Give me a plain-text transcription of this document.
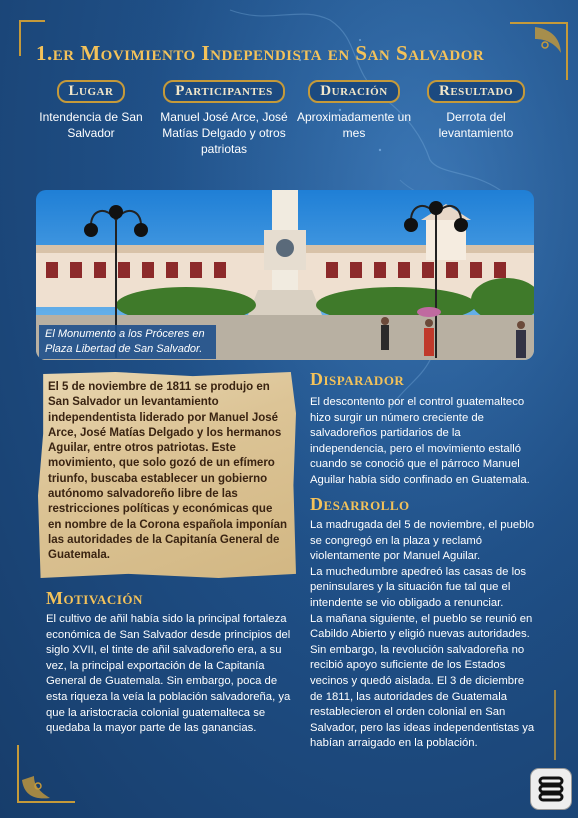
1.er Movimiento Independista en San Salvador
Lugar
Intendencia de San Salvador
Participantes
Manuel José Arce, José Matías Delgado y otros patriotas
Duración
Aproximadamente un mes
Resultado
Derrota del levantamiento
El Monumento a los Próceres en Plaza Libertad de San Salvador.
El 5 de noviembre de 1811 se produjo en San Salvador un levantamiento independentista liderado por Manuel José Arce, José Matías Delgado y los hermanos Aguilar, entre otros patriotas. Este movimiento, que solo gozó de un efímero triunfo, buscaba establecer un gobierno autónomo salvadoreño libre de las restricciones políticas y económicas que en nombre de la Corona española imponían las autoridades de la Capitanía General de Guatemala.
Motivación
El cultivo de añil había sido la principal fortaleza económica de San Salvador desde principios del siglo XVII, el tinte de añil salvadoreño era, a su vez, la principal exportación de la Capitanía General de Guatemala. Sin embargo, poca de esta riqueza la veía la población salvadoreña, ya que la aristocracia colonial guatemalteca se quedaba la mayor parte de las ganancias.
Disparador
El descontento por el control guatemalteco hizo surgir un número creciente de salvadoreños partidarios de la independencia, pero el movimiento estalló cuando se conoció que el párroco Manuel Aguilar había sido confinado en Guatemala.
Desarrollo

La madrugada del 5 de noviembre, el pueblo se congregó en la plaza y reclamó violentamente por Manuel Aguilar.

La muchedumbre apedreó las casas de los peninsulares y la situación fue tal que el intendente se vio obligado a renunciar.

La mañana siguiente, el pueblo se reunió en Cabildo Abierto y eligió nuevas autoridades.

Sin embargo, la revolución salvadoreña no recibió apoyo suficiente de los Estados vecinos y quedó aislada. El 3 de diciembre de 1811, las autoridades de Guatemala restablecieron el orden colonial en San Salvador, pero las ideas independentistas ya habían arraigado en la población.
